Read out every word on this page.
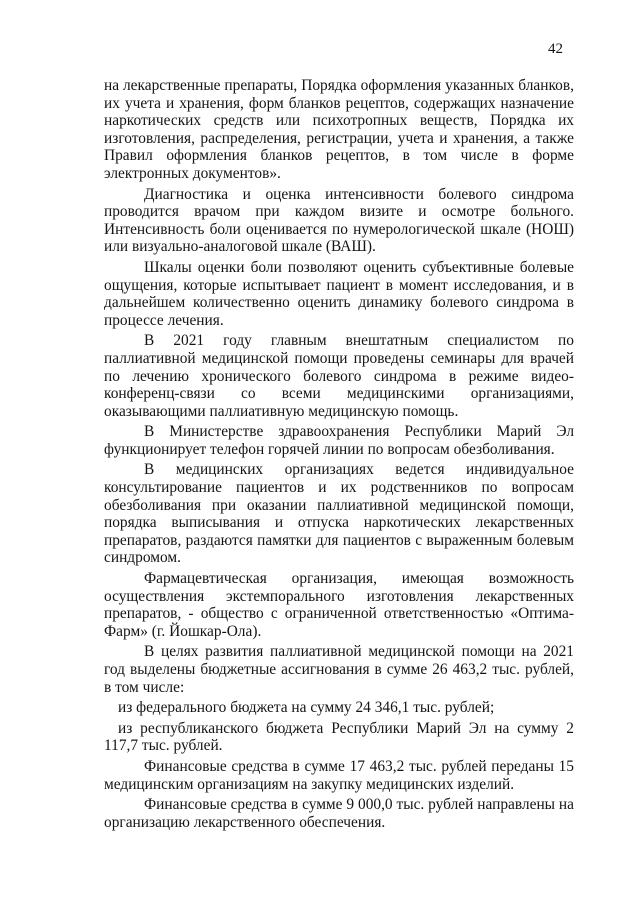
42

на лекарственные препараты, Порядка оформления указанных бланков, их учета и хранения, форм бланков рецептов, содержащих назначение наркотических средств или психотропных веществ, Порядка их изготовления, распределения, регистрации, учета и хранения, а также Правил оформления бланков рецептов, в том числе в форме электронных документов».

Диагностика и оценка интенсивности болевого синдрома проводится врачом при каждом визите и осмотре больного. Интенсивность боли оценивается по нумерологической шкале (НОШ) или визуально-аналоговой шкале (ВАШ).

Шкалы оценки боли позволяют оценить субъективные болевые ощущения, которые испытывает пациент в момент исследования, и в дальнейшем количественно оценить динамику болевого синдрома в процессе лечения.

В 2021 году главным внештатным специалистом по паллиативной медицинской помощи проведены семинары для врачей по лечению хронического болевого синдрома в режиме видео-конференц-связи со всеми медицинскими организациями, оказывающими паллиативную медицинскую помощь.

В Министерстве здравоохранения Республики Марий Эл функционирует телефон горячей линии по вопросам обезболивания.

В медицинских организациях ведется индивидуальное консультирование пациентов и их родственников по вопросам обезболивания при оказании паллиативной медицинской помощи, порядка выписывания и отпуска наркотических лекарственных препаратов, раздаются памятки для пациентов с выраженным болевым синдромом.

Фармацевтическая организация, имеющая возможность осуществления экстемпорального изготовления лекарственных препаратов, - общество с ограниченной ответственностью «Оптима-Фарм» (г. Йошкар-Ола).

В целях развития паллиативной медицинской помощи на 2021 год выделены бюджетные ассигнования в сумме 26 463,2 тыс. рублей, в том числе:

из федерального бюджета на сумму 24 346,1 тыс. рублей;

из республиканского бюджета Республики Марий Эл на сумму 2 117,7 тыс. рублей.

Финансовые средства в сумме 17 463,2 тыс. рублей переданы 15 медицинским организациям на закупку медицинских изделий.

Финансовые средства в сумме 9 000,0 тыс. рублей направлены на организацию лекарственного обеспечения.
